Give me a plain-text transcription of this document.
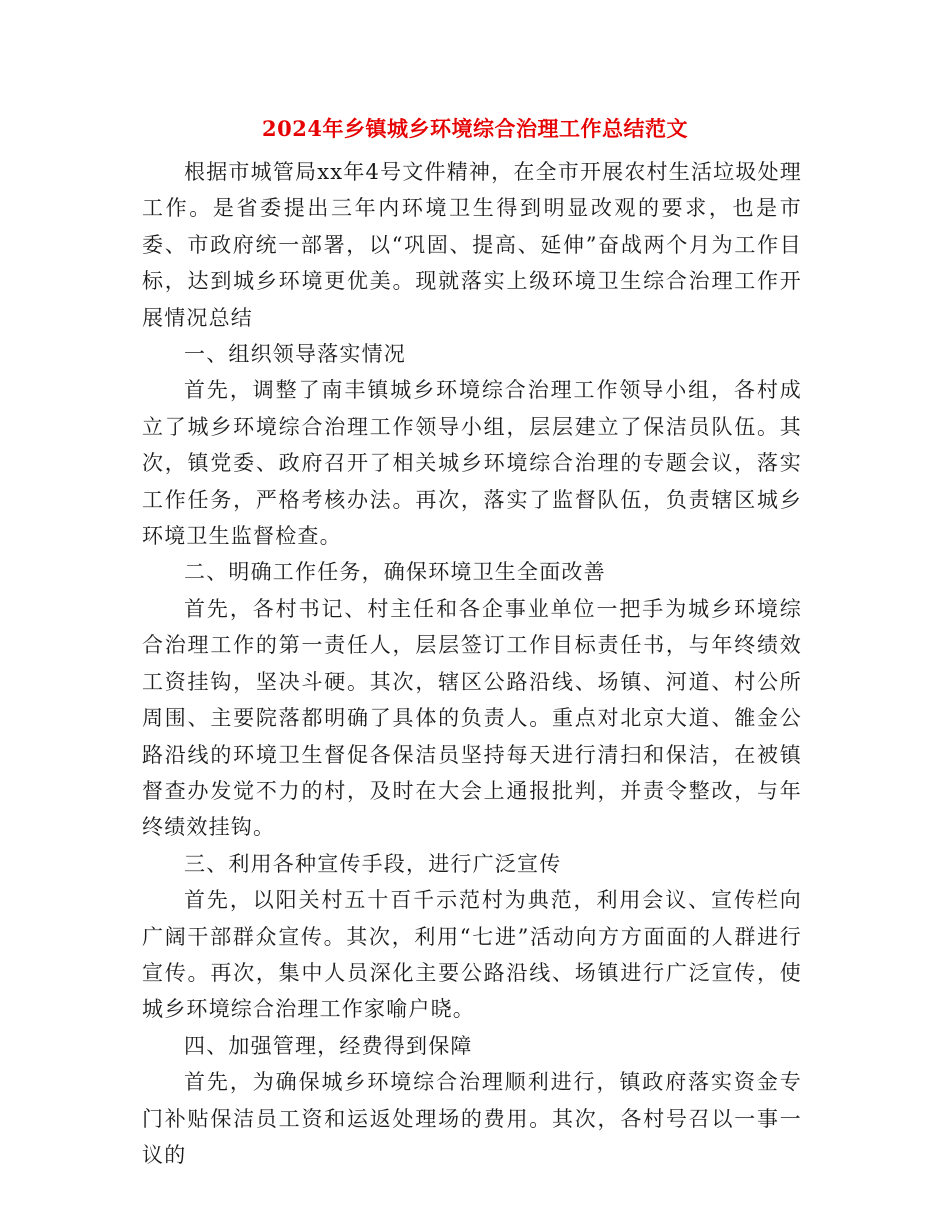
2024年乡镇城乡环境综合治理工作总结范文

根据市城管局xx年4号文件精神，在全市开展农村生活垃圾处理工作。是省委提出三年内环境卫生得到明显改观的要求，也是市委、市政府统一部署，以“巩固、提高、延伸”奋战两个月为工作目标，达到城乡环境更优美。现就落实上级环境卫生综合治理工作开展情况总结

一、组织领导落实情况

首先，调整了南丰镇城乡环境综合治理工作领导小组，各村成立了城乡环境综合治理工作领导小组，层层建立了保洁员队伍。其次，镇党委、政府召开了相关城乡环境综合治理的专题会议，落实工作任务，严格考核办法。再次，落实了监督队伍，负责辖区城乡环境卫生监督检查。

二、明确工作任务，确保环境卫生全面改善

首先，各村书记、村主任和各企事业单位一把手为城乡环境综合治理工作的第一责任人，层层签订工作目标责任书，与年终绩效工资挂钩，坚决斗硬。其次，辖区公路沿线、场镇、河道、村公所周围、主要院落都明确了具体的负责人。重点对北京大道、雒金公路沿线的环境卫生督促各保洁员坚持每天进行清扫和保洁，在被镇督查办发觉不力的村，及时在大会上通报批判，并责令整改，与年终绩效挂钩。

三、利用各种宣传手段，进行广泛宣传

首先，以阳关村五十百千示范村为典范，利用会议、宣传栏向广阔干部群众宣传。其次，利用“七进”活动向方方面面的人群进行宣传。再次，集中人员深化主要公路沿线、场镇进行广泛宣传，使城乡环境综合治理工作家喻户晓。

四、加强管理，经费得到保障

首先，为确保城乡环境综合治理顺利进行，镇政府落实资金专门补贴保洁员工资和运返处理场的费用。其次，各村号召以一事一议的
